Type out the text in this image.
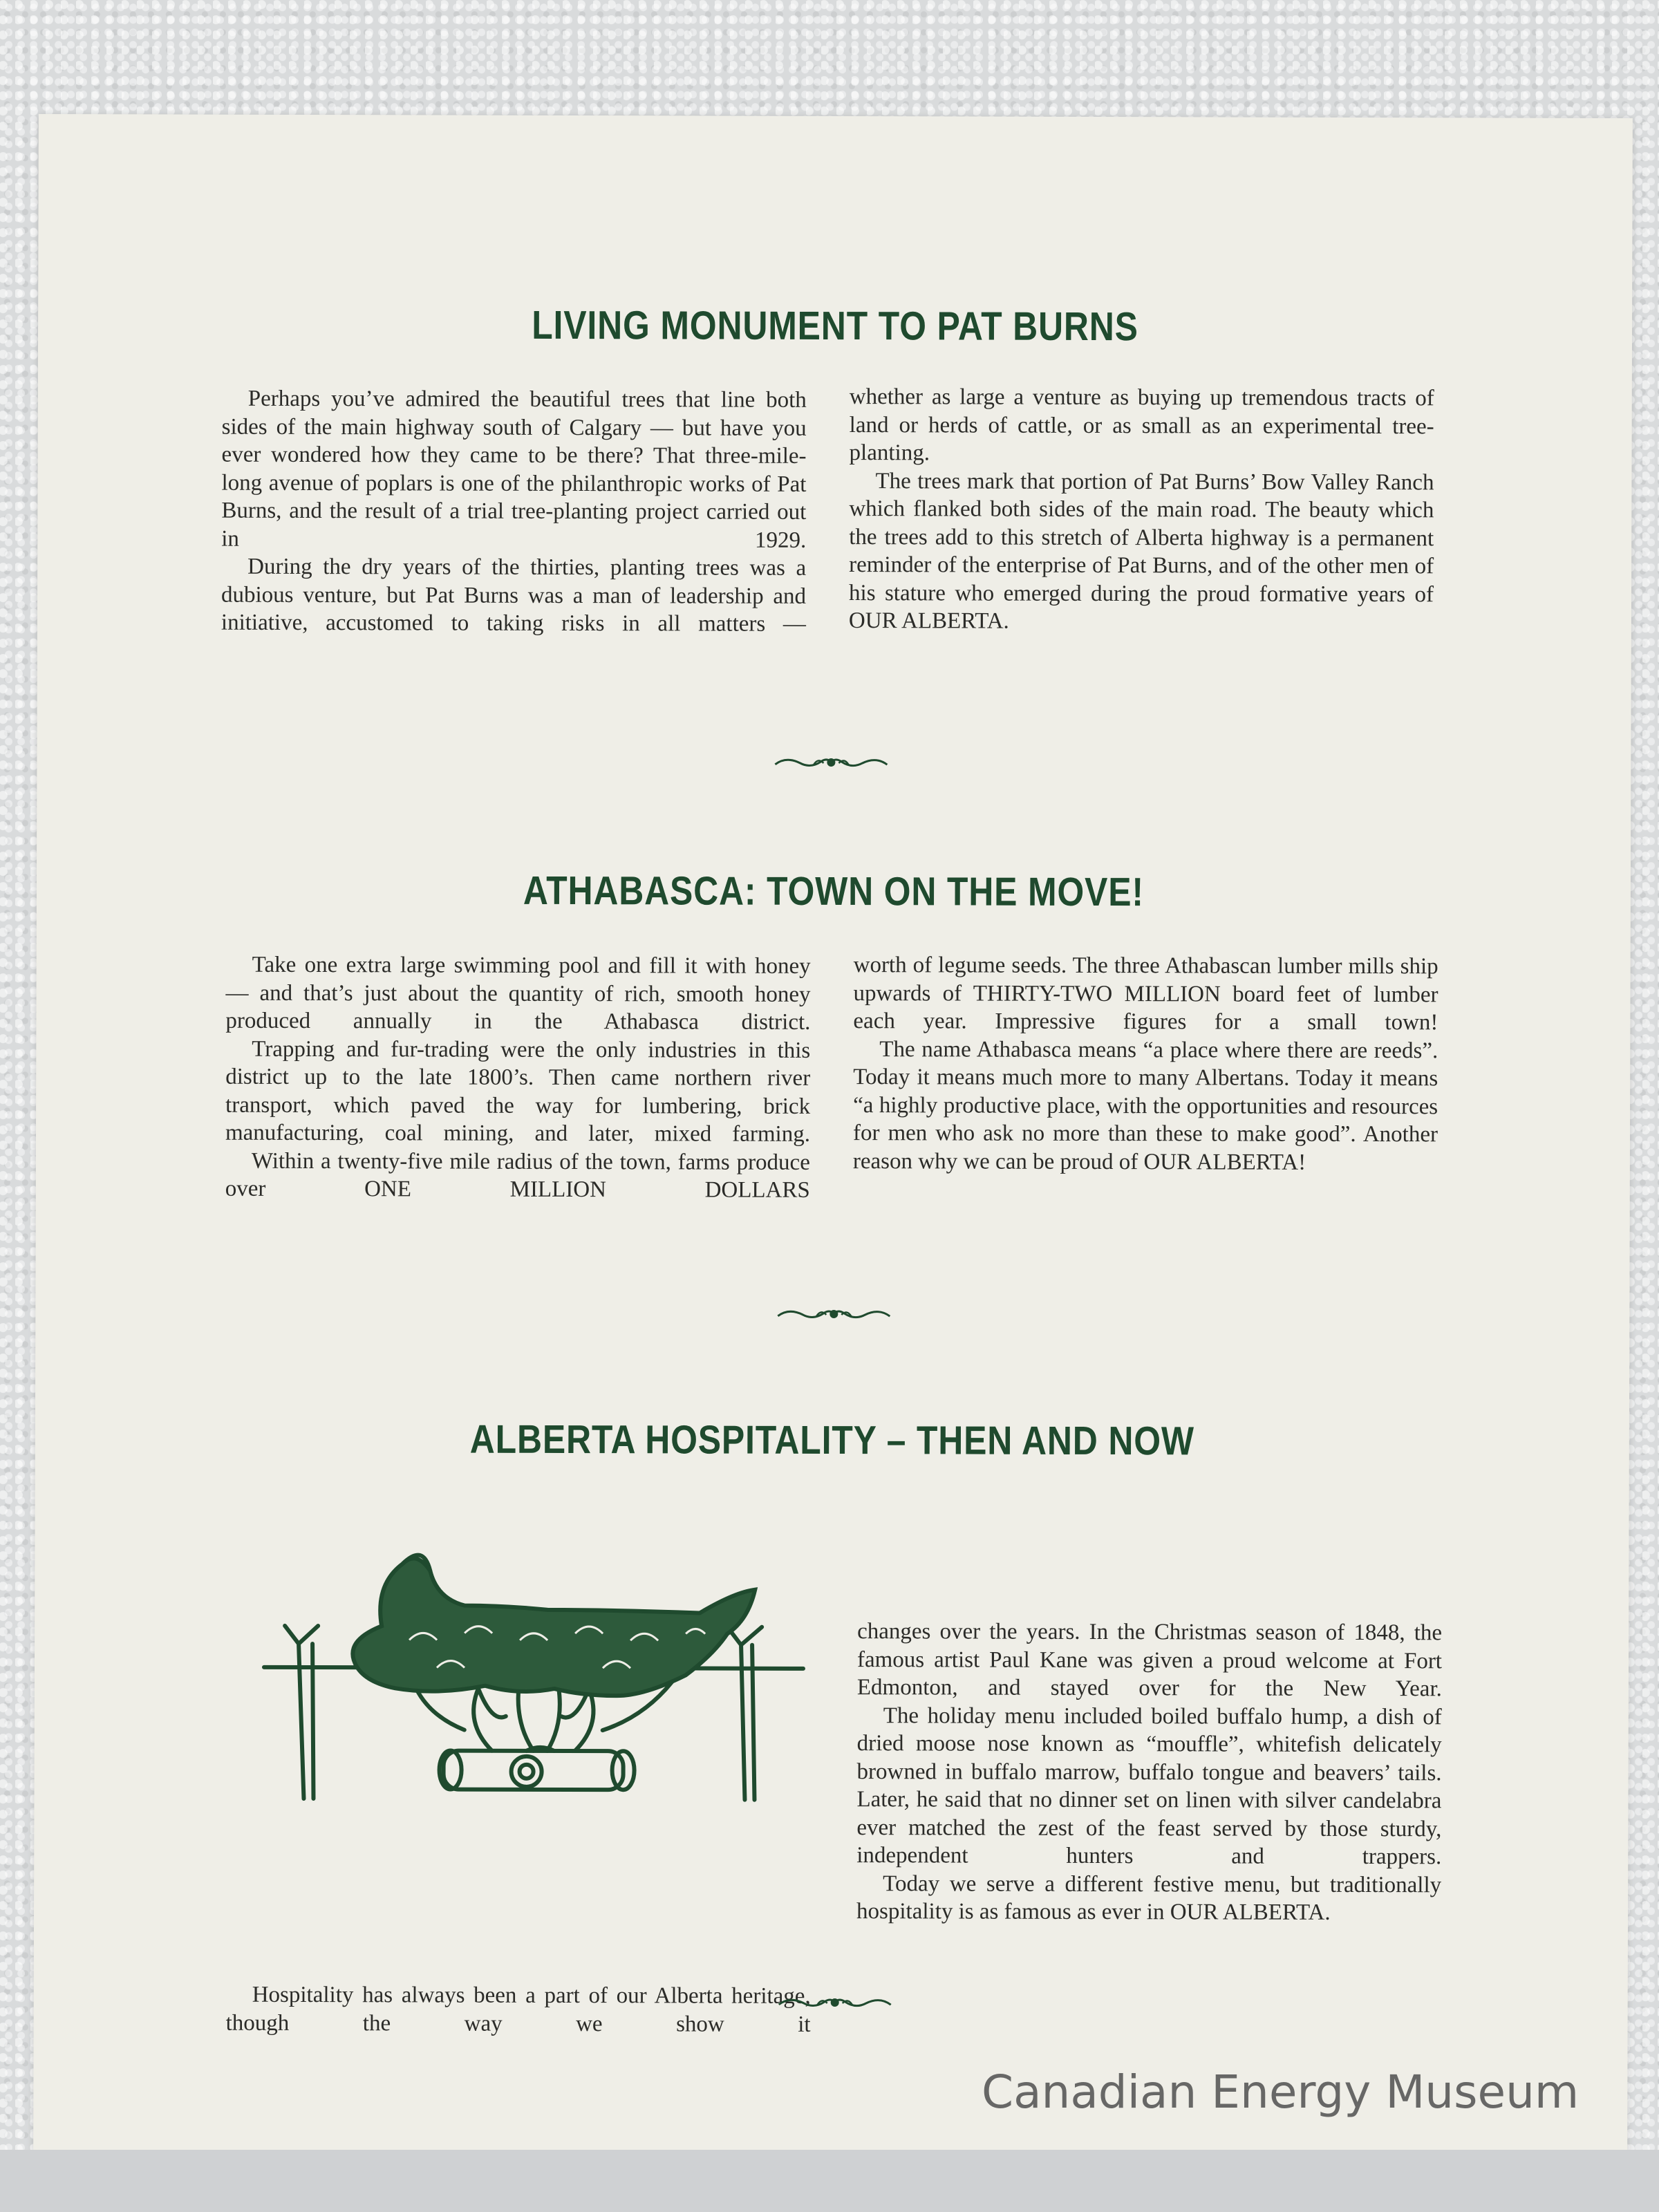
LIVING MONUMENT TO PAT BURNS

Perhaps you’ve admired the beautiful trees that line both sides of the main highway south of Calgary — but have you ever wondered how they came to be there? That three-mile-long avenue of poplars is one of the philanthropic works of Pat Burns, and the result of a trial tree-planting project carried out in 1929.

During the dry years of the thirties, planting trees was a dubious venture, but Pat Burns was a man of leadership and initiative, accustomed to taking risks in all matters —

whether as large a venture as buying up tremendous tracts of land or herds of cattle, or as small as an experimental tree-planting.

The trees mark that portion of Pat Burns’ Bow Valley Ranch which flanked both sides of the main road. The beauty which the trees add to this stretch of Alberta highway is a permanent reminder of the enterprise of Pat Burns, and of the other men of his stature who emerged during the proud formative years of OUR ALBERTA.

ATHABASCA: TOWN ON THE MOVE!

Take one extra large swimming pool and fill it with honey — and that’s just about the quantity of rich, smooth honey produced annually in the Athabasca district.

Trapping and fur-trading were the only industries in this district up to the late 1800’s. Then came northern river transport, which paved the way for lumbering, brick manufacturing, coal mining, and later, mixed farming.

Within a twenty-five mile radius of the town, farms produce over ONE MILLION DOLLARS

worth of legume seeds. The three Athabascan lumber mills ship upwards of THIRTY-TWO MILLION board feet of lumber each year. Impressive figures for a small town!

The name Athabasca means “a place where there are reeds”. Today it means much more to many Albertans. Today it means “a highly productive place, with the opportunities and resources for men who ask no more than these to make good”. Another reason why we can be proud of OUR ALBERTA!

ALBERTA HOSPITALITY – THEN AND NOW

Hospitality has always been a part of our Alberta heritage, though the way we show it

changes over the years. In the Christmas season of 1848, the famous artist Paul Kane was given a proud welcome at Fort Edmonton, and stayed over for the New Year.

The holiday menu included boiled buffalo hump, a dish of dried moose nose known as “mouffle”, whitefish delicately browned in buffalo marrow, buffalo tongue and beavers’ tails. Later, he said that no dinner set on linen with silver candelabra ever matched the zest of the feast served by those sturdy, independent hunters and trappers.

Today we serve a different festive menu, but traditionally hospitality is as famous as ever in OUR ALBERTA.

Canadian Energy Museum
